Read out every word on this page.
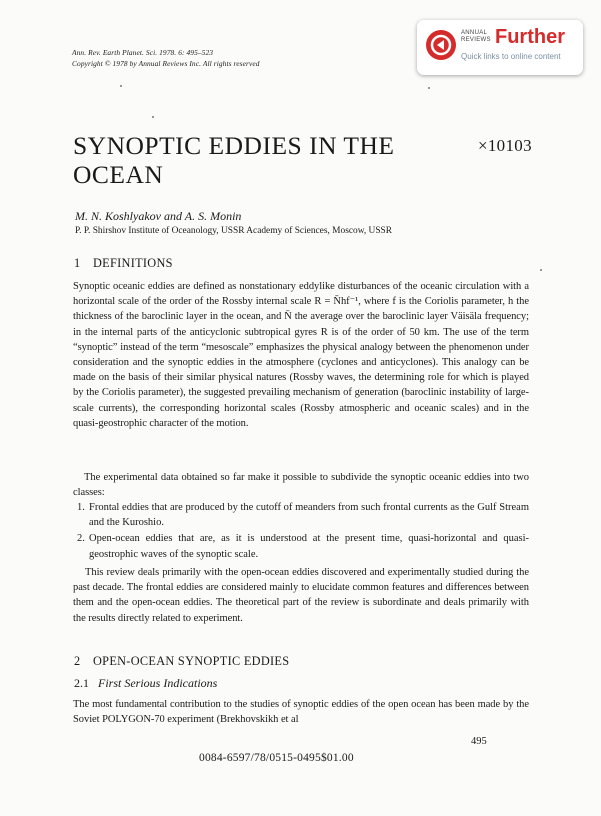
Ann. Rev. Earth Planet. Sci. 1978. 6: 495–523
Copyright © 1978 by Annual Reviews Inc. All rights reserved
ANNUAL REVIEWS Further
Quick links to online content
SYNOPTIC EDDIES IN THE OCEAN
×10103
M. N. Koshlyakov and A. S. Monin
P. P. Shirshov Institute of Oceanology, USSR Academy of Sciences, Moscow, USSR
1 DEFINITIONS

Synoptic oceanic eddies are defined as nonstationary eddylike disturbances of the oceanic circulation with a horizontal scale of the order of the Rossby internal scale R = N̄hf⁻¹, where f is the Coriolis parameter, h the thickness of the baroclinic layer in the ocean, and N̄ the average over the baroclinic layer Väisäla frequency; in the internal parts of the anticyclonic subtropical gyres R is of the order of 50 km. The use of the term “synoptic” instead of the term “mesoscale” emphasizes the physical analogy between the phenomenon under consideration and the synoptic eddies in the atmosphere (cyclones and anticyclones). This analogy can be made on the basis of their similar physical natures (Rossby waves, the determining role for which is played by the Coriolis parameter), the suggested prevailing mechanism of generation (baroclinic instability of large-scale currents), the corresponding horizontal scales (Rossby atmospheric and oceanic scales) and in the quasi-geostrophic character of the motion.

The experimental data obtained so far make it possible to subdivide the synoptic oceanic eddies into two classes:

1. Frontal eddies that are produced by the cutoff of meanders from such frontal currents as the Gulf Stream and the Kuroshio.
2. Open-ocean eddies that are, as it is understood at the present time, quasi-horizontal and quasi-geostrophic waves of the synoptic scale.

This review deals primarily with the open-ocean eddies discovered and experimentally studied during the past decade. The frontal eddies are considered mainly to elucidate common features and differences between them and the open-ocean eddies. The theoretical part of the review is subordinate and deals primarily with the results directly related to experiment.

2 OPEN-OCEAN SYNOPTIC EDDIES
2.1 First Serious Indications

The most fundamental contribution to the studies of synoptic eddies of the open ocean has been made by the Soviet POLYGON-70 experiment (Brekhovskikh et al

495
0084-6597/78/0515-0495$01.00
